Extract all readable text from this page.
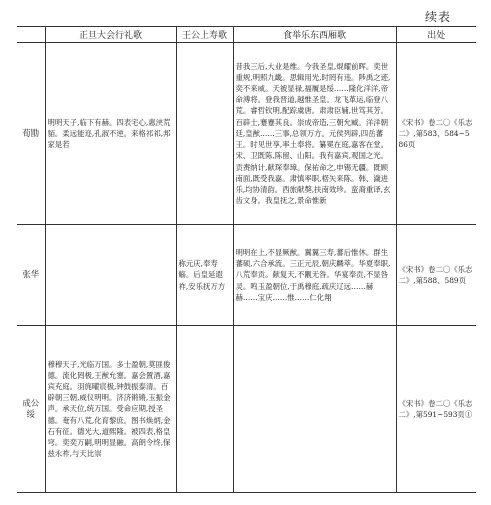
续表
	正旦大会行礼歌	王公上寿歌	食举乐东西厢歌	出处
荀勖	明明天子,临下有赫。四表宅心,惠浃荒貊。柔远能迩,孔淑不逆。来格祁祁,邦家是若		昔我三后,大业是维。今我圣皇,焜耀前晖。奕世重规,明照九畿。思辑用光,时罔有违。陟禹之迹,奕不来威。天被显禄,福履是绥……隆化洋洋,帝命溥将。登我晋道,越惟圣皇。龙飞革运,临登八荒。睿哲钦明,配踪虞唐。肃肃臣辅,世笃其芳。百辟士,蹇蹇其良。崇成帝造,三朝允臧。洋洋朝廷,皇猷……三事,总领万方。元侯列辟,四岳蕃王。时见世享,率土奉将。纂冕在庭,嘉客在堂。宋、卫既陈,陈留、山阳。我有嘉宾,观国之光。贡赉纳计,献琛奉璋。保祐命之,申锡无疆。既顾南面,既受我嘉。肃慎率职,楛矢来陈。韩、濊进乐,均协清韵。西旅献獒,扶南效珍。蛮裔重译,玄齿文身。我皇抚之,景命惟新	《宋书》卷二〇《乐志二》,第583、584~586页
张华		称元庆,奉寿觞。后皇延遐祚,安乐抚万方	明明在上,不显厥猷。翼翼三寿,蕃后惟休。群生蕃硕,六合承流。三正元辰,朝庆麟萃。华夏奉职,八荒奉贡。献复天,不觏无咎。华宴奉贡,不显咎灵。鸣玉盈朝位,于禹穆庭,疏庆辽远……赫赫……宝庆……惟……仁化翔	《宋书》卷二〇《乐志二》,第588、589页
成公绥	穆穆天子,光临万国。多士盈朝,莫匪俊德。流化罔极,王猷允塞。嘉会置酒,嘉宾充庭。羽旄曜宸极,钟鼓振泰清。百辟朝三朝,威仪明明。济济锵锵,玉振金声。承天位,统万国。受命应期,授圣德。奄有八荒,化育黎庶。图书焕炳,金石有征。德光大,道熙隆。被四表,格皇穹。奕奕万嗣,明明显融。高朗令终,保兹永祚,与天比崇			《宋书》卷二〇《乐志二》,第591~593页①
